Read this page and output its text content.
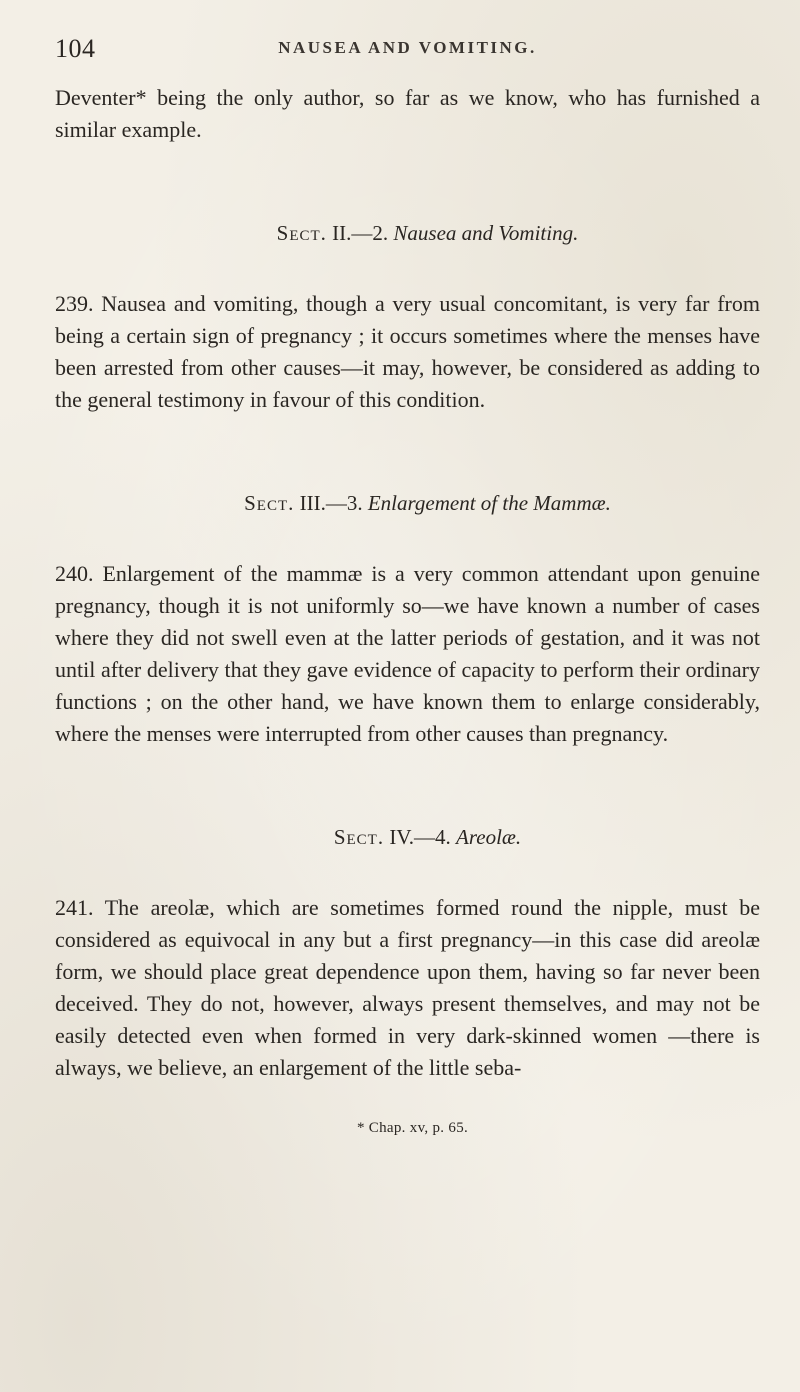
104	NAUSEA AND VOMITING.

Deventer* being the only author, so far as we know, who has furnished a similar example.

Sect. II.—2. Nausea and Vomiting.

239. Nausea and vomiting, though a very usual concomitant, is very far from being a certain sign of pregnancy ; it occurs sometimes where the menses have been arrested from other causes—it may, however, be considered as adding to the general testimony in favour of this condition.

Sect. III.—3. Enlargement of the Mammæ.

240. Enlargement of the mammæ is a very common attendant upon genuine pregnancy, though it is not uniformly so—we have known a number of cases where they did not swell even at the latter periods of gestation, and it was not until after delivery that they gave evidence of capacity to perform their ordinary functions ; on the other hand, we have known them to enlarge considerably, where the menses were interrupted from other causes than pregnancy.

Sect. IV.—4. Areolæ.

241. The areolæ, which are sometimes formed round the nipple, must be considered as equivocal in any but a first pregnancy—in this case did areolæ form, we should place great dependence upon them, having so far never been deceived. They do not, however, always present themselves, and may not be easily detected even when formed in very dark-skinned women —there is always, we believe, an enlargement of the little seba-

* Chap. xv, p. 65.
